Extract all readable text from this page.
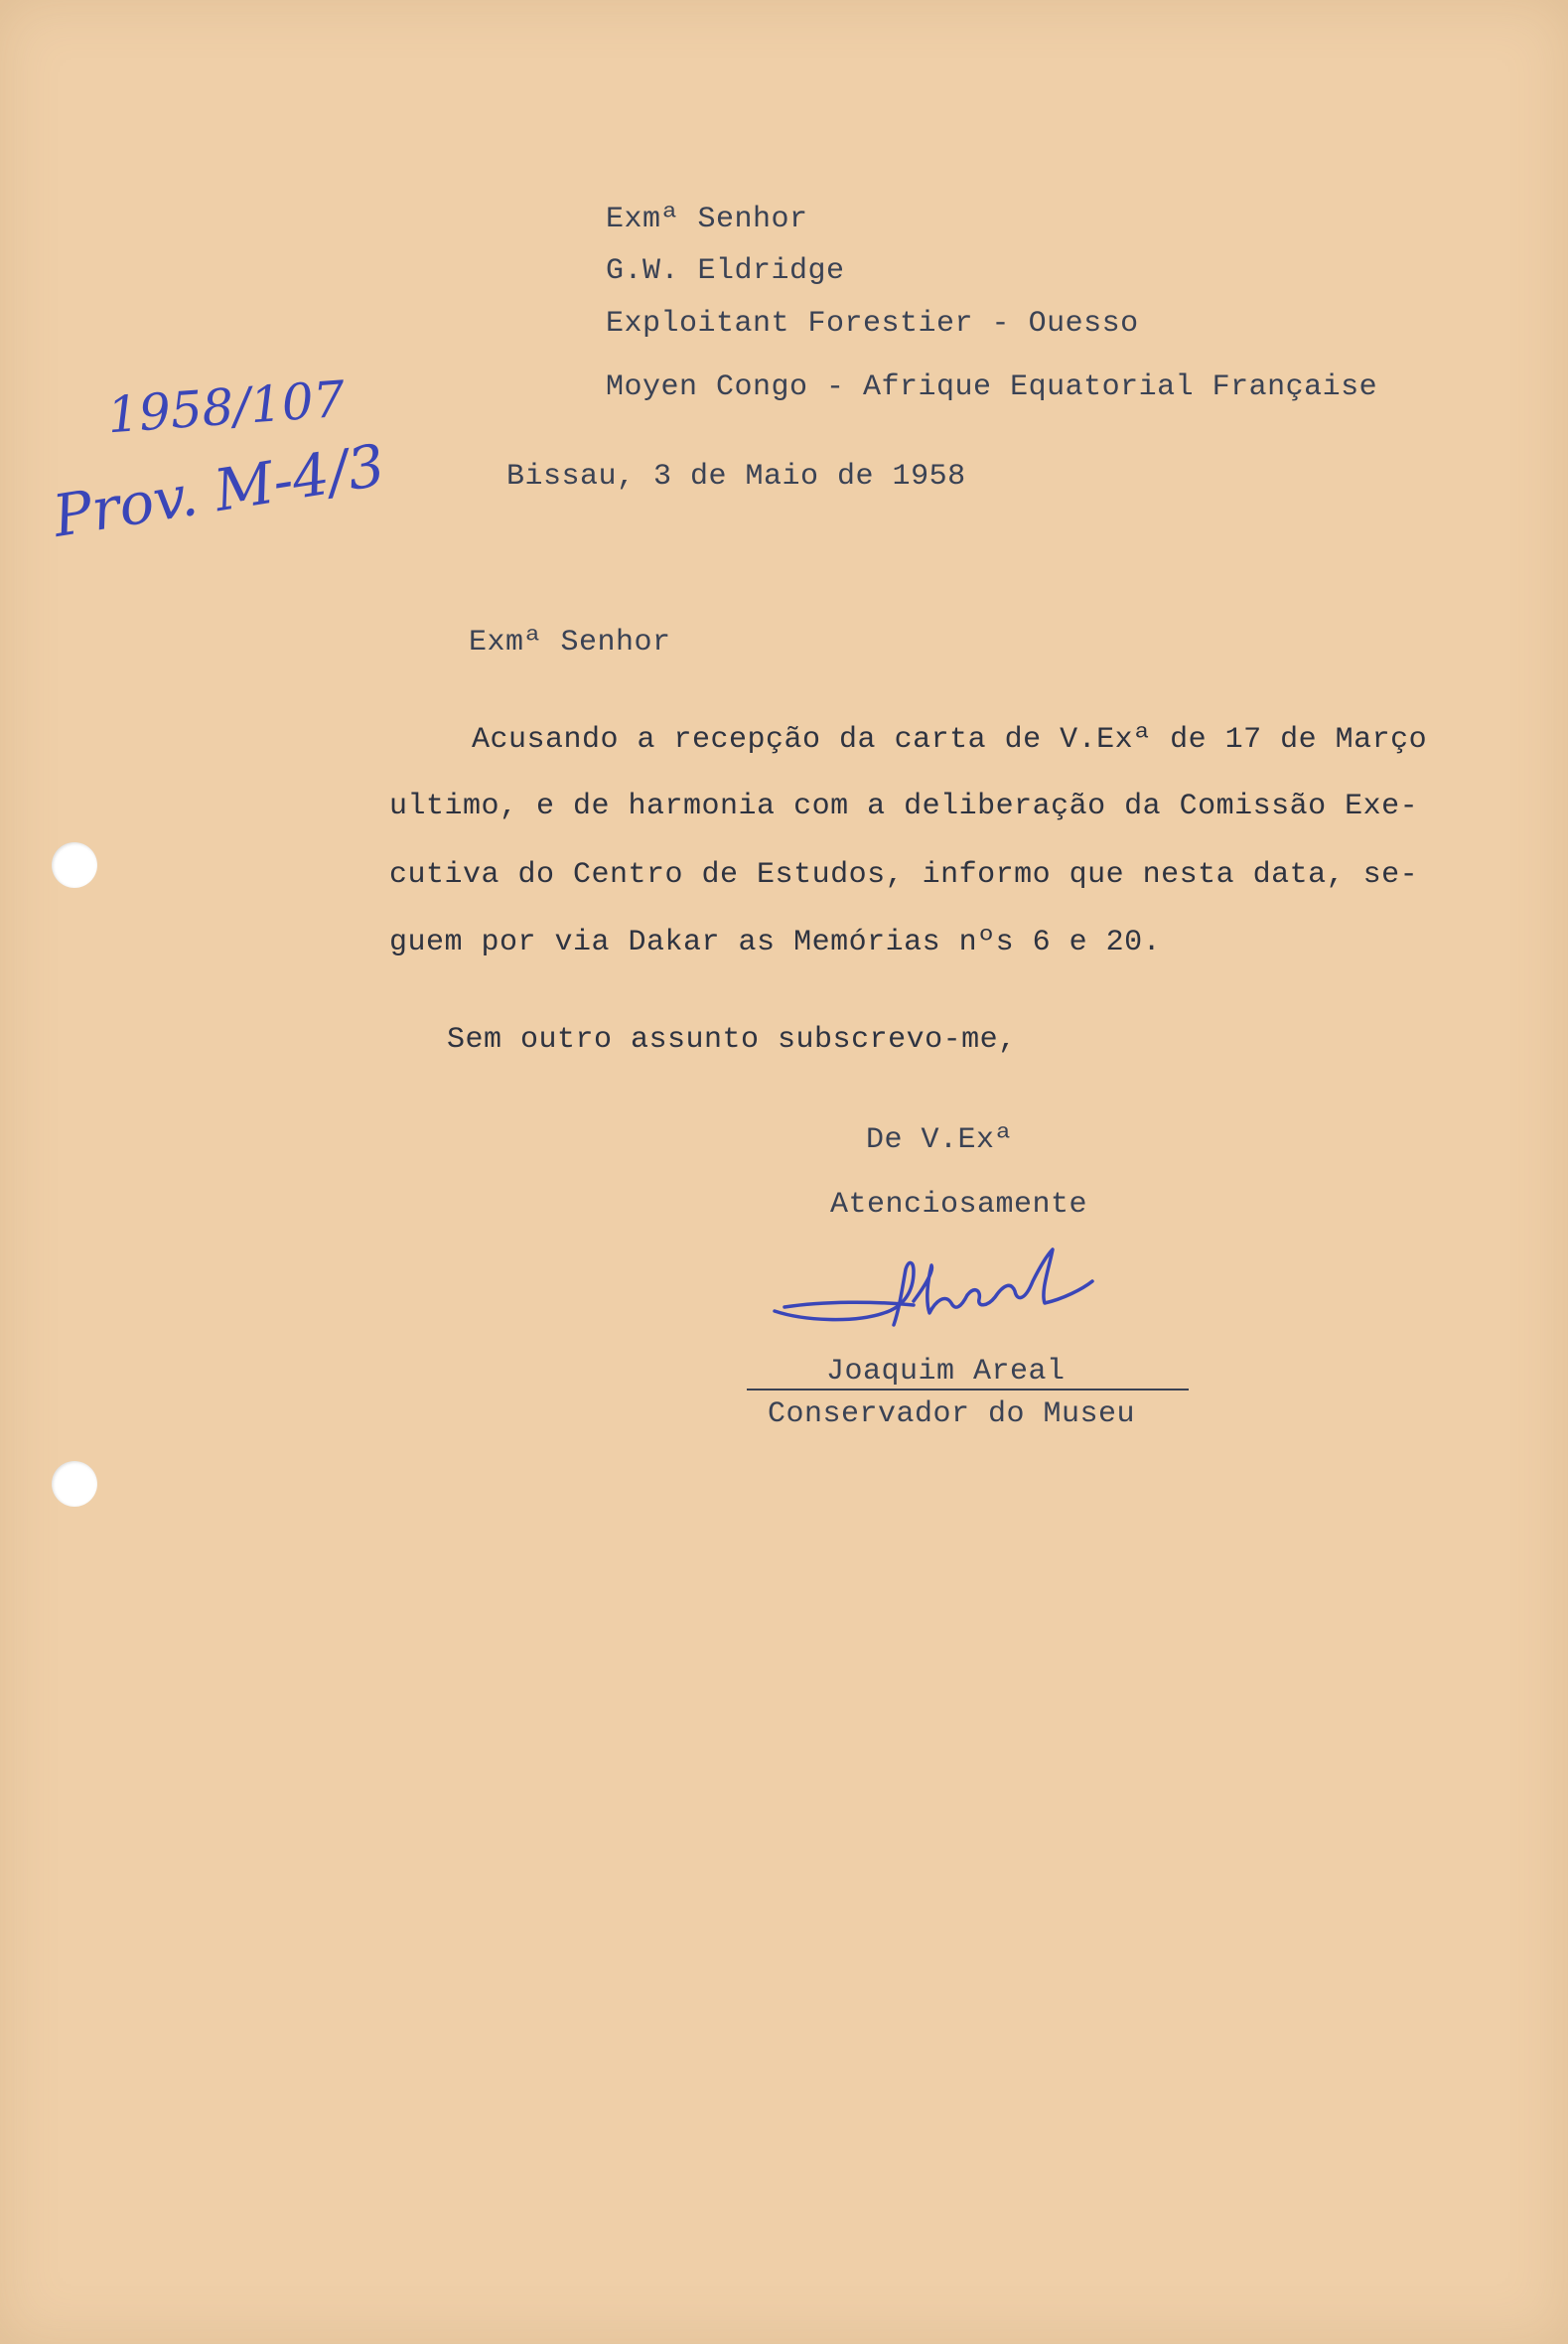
1958/107
Prov. M-4/3
Exmª Senhor
G.W. Eldridge
Exploitant Forestier - Ouesso
Moyen Congo - Afrique Equatorial Française
Bissau, 3 de Maio de 1958
Exmª Senhor
Acusando a recepção da carta de V.Exª de 17 de Março
ultimo, e de harmonia com a deliberação da Comissão Exe-
cutiva do Centro de Estudos, informo que nesta data, se-
guem por via Dakar as Memórias nºs 6 e 20.
Sem outro assunto subscrevo-me,
De V.Exª
Atenciosamente
Joaquim Areal
Conservador do Museu
